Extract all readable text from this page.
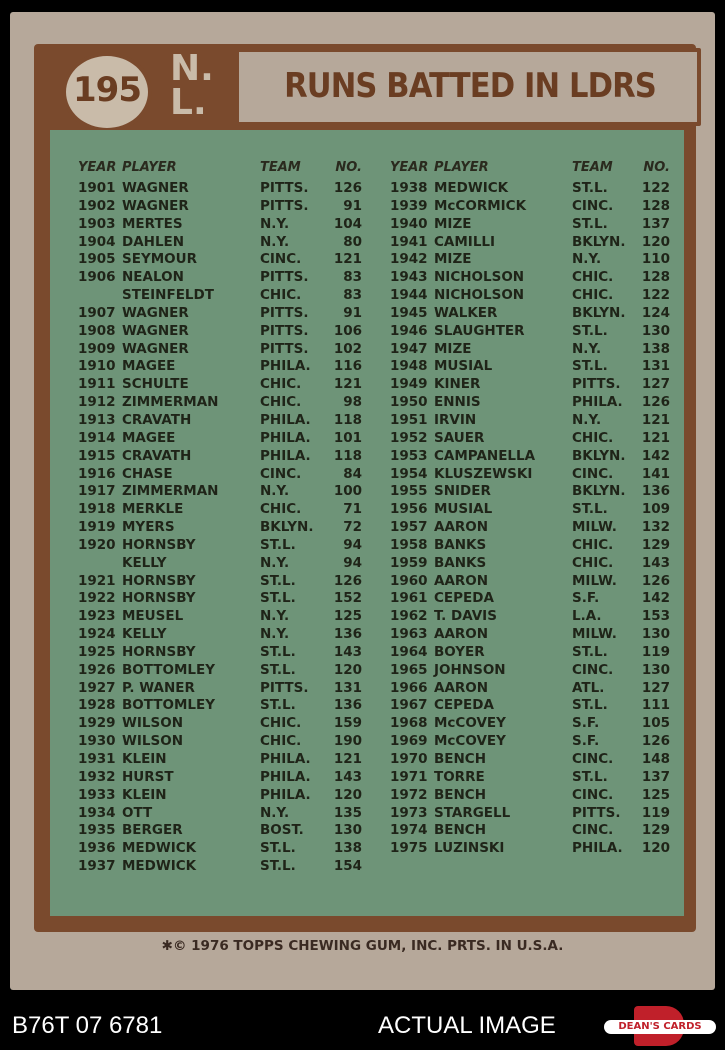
195
N.
L.	RUNS BATTED IN LDRS
YEAR PLAYER	TEAM	NO.
1901 WAGNER	PITTS. 126
1902 WAGNER	PITTS.	91
1903 MERTES	N.Y.	104
1904 DAHLEN	N.Y.	80
1905 SEYMOUR	CINC. 121
1906 NEALON	PITTS.	83
STEINFELDT	CHIC.	83
1907 WAGNER	PITTS.	91
1908 WAGNER	PITTS. 106
1909 WAGNER	PITTS. 102
1910 MAGEE	PHILA. 116
1911 SCHULTE	CHIC. 121
1912 ZIMMERMAN	CHIC.	98
1913 CRAVATH	PHILA. 118
1914 MAGEE	PHILA. 101
1915 CRAVATH	PHILA. 118
1916 CHASE	CINC.	84
1917 ZIMMERMAN	N.Y.	100
1918 MERKLE	CHIC.	71
1919 MYERS	BKLYN. 72
1920 HORNSBY	ST.L.	94
KELLY	N.Y.	94
1921 HORNSBY	ST.L.	126
1922 HORNSBY	ST.L.	152
1923 MEUSEL	N.Y.	125
1924 KELLY	N.Y.	136
1925 HORNSBY	ST.L.	143
1926 BOTTOMLEY	ST.L.	120
1927 P. WANER	PITTS. 131
1928 BOTTOMLEY	ST.L.	136
1929 WILSON	CHIC. 159
1930 WILSON	CHIC. 190
1931 KLEIN	PHILA. 121
1932 HURST	PHILA. 143
1933 KLEIN	PHILA. 120
1934 OTT	N.Y.	135
1935 BERGER	BOST. 130
1936 MEDWICK	ST.L.	138
1937 MEDWICK	ST.L.	154
YEAR PLAYER	TEAM NO.
1938 MEDWICK	ST.L.	122
1939 McCORMICK	CINC. 128
1940 MIZE	ST.L.	137
1941 CAMILLI	BKLYN. 120
1942 MIZE	N.Y.	110
1943 NICHOLSON	CHIC. 128
1944 NICHOLSON	CHIC. 122
1945 WALKER	BKLYN. 124
1946 SLAUGHTER	ST.L.	130
1947 MIZE	N.Y.	138
1948 MUSIAL	ST.L.	131
1949 KINER	PITTS. 127
1950 ENNIS	PHILA. 126
1951 IRVIN	N.Y.	121
1952 SAUER	CHIC. 121
1953 CAMPANELLA	BKLYN. 142
1954 KLUSZEWSKI	CINC. 141
1955 SNIDER	BKLYN. 136
1956 MUSIAL	ST.L.	109
1957 AARON	MILW. 132
1958 BANKS	CHIC. 129
1959 BANKS	CHIC. 143
1960 AARON	MILW. 126
1961 CEPEDA	S.F.	142
1962 T. DAVIS	L.A.	153
1963 AARON	MILW. 130
1964 BOYER	ST.L.	119
1965 JOHNSON	CINC. 130
1966 AARON	ATL.	127
1967 CEPEDA	ST.L.	111
1968 McCOVEY	S.F.	105
1969 McCOVEY	S.F.	126
1970 BENCH	CINC. 148
1971 TORRE	ST.L.	137
1972 BENCH	CINC. 125
1973 STARGELL	PITTS. 119
1974 BENCH	CINC. 129
1975 LUZINSKI	PHILA. 120
✱© 1976 TOPPS CHEWING GUM, INC. PRTS. IN U.S.A.
B76T 07 6781	ACTUAL IMAGE	DEAN'S CARDS
